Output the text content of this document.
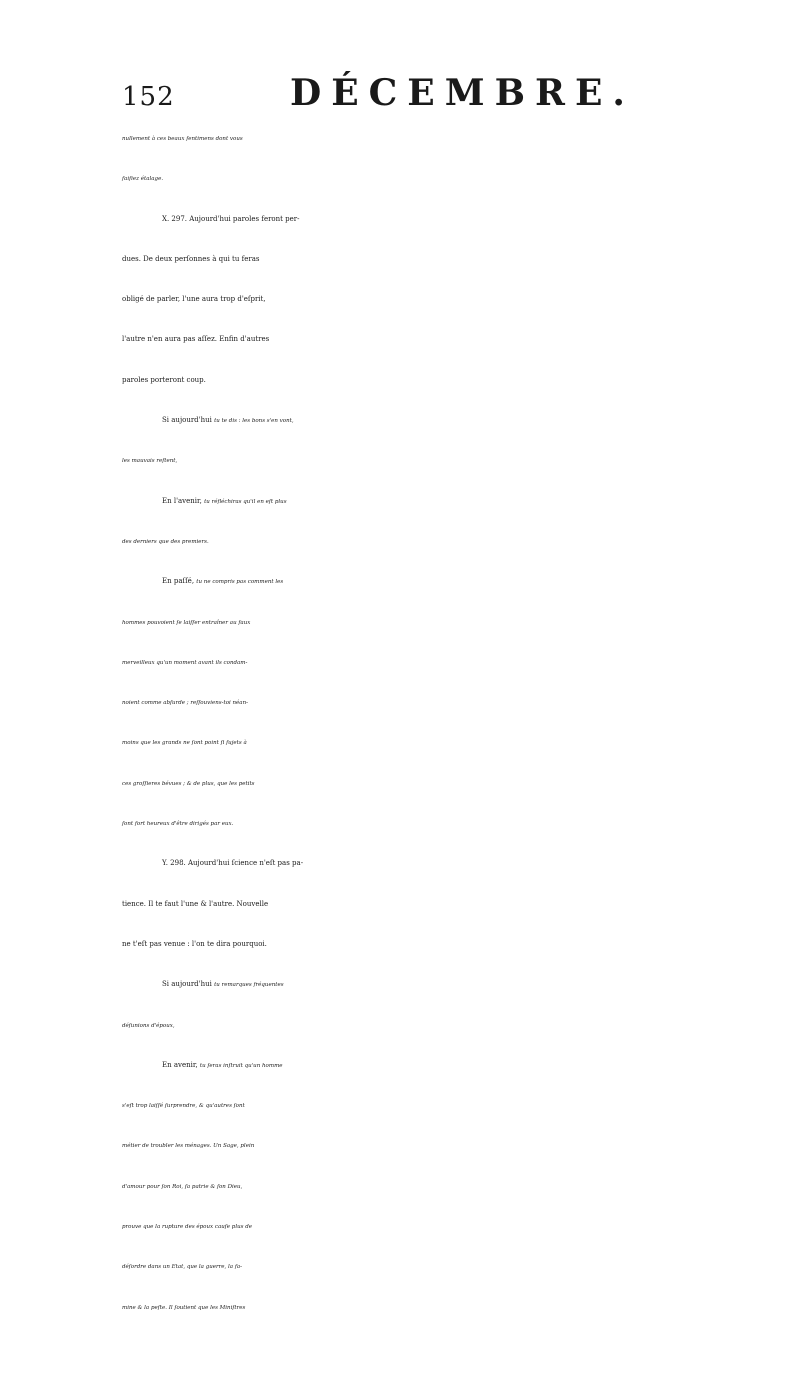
152	DÉCEMBRE.
nullement à ces beaux ſentimens dont vous
faiſiez étalage.
X. 297. Aujourd'hui paroles feront per-
dues. De deux perſonnes à qui tu feras
obligé de parler, l'une aura trop d'eſprit,
l'autre n'en aura pas aſſez. Enfin d'autres
paroles porteront coup.
Si aujourd'hui tu te dis : les bons s'en vont,
les mauvais reſtent,
En l'avenir, tu réfléchiras qu'il en eſt plus
des derniers que des premiers.
En paſſé, tu ne compris pas comment les
hommes pouvoient ſe laiſſer entraîner au faux
merveilleux qu'un moment avant ils condam-
noient comme abſurde ; reſſouviens-toi néan-
moins que les grands ne ſont point ſi ſujets à
ces groſſieres bévues ; & de plus, que les petits
ſont fort heureux d'être dirigés par eux.
Y. 298. Aujourd'hui ſcience n'eſt pas pa-
tience. Il te faut l'une & l'autre. Nouvelle
ne t'eſt pas venue : l'on te dira pourquoi.
Si aujourd'hui tu remarques fréquentes
déſunions d'époux,
En avenir, tu ſeras inſtruit qu'un homme
s'eſt trop laiſſé ſurprendre, & qu'autres ſont
métier de troubler les ménages. Un Sage, plein
d'amour pour ſon Roi, ſa patrie & ſon Dieu,
prouve que la rupture des époux cauſe plus de
déſordre dans un Etat, que la guerre, la fa-
mine & la peſte. Il ſoutient que les Miniſtres
